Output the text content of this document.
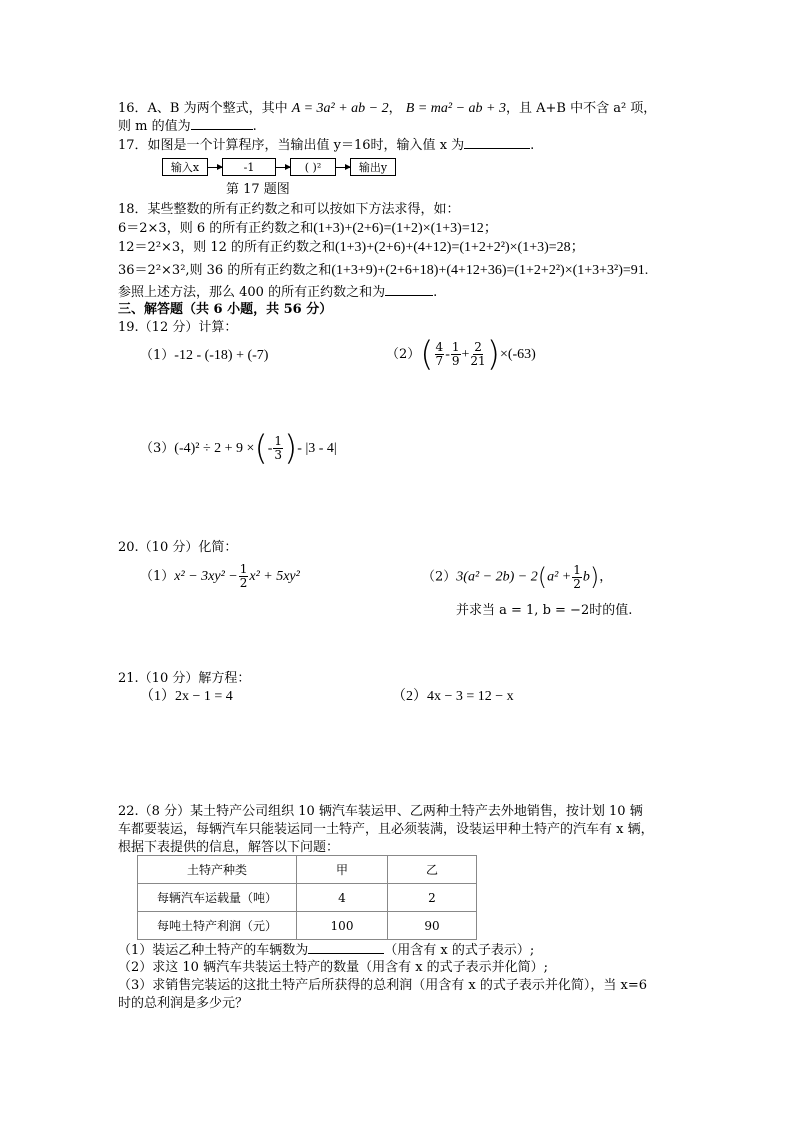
16．A、B 为两个整式，其中 A = 3a² + ab − 2， B = ma² − ab + 3，且 A+B 中不含 a² 项，
则 m 的值为	.
17．如图是一个计算程序，当输出值 y＝16时，输入值 x 为	.
输入x	-1	( )²	输出y
第 17 题图
18．某些整数的所有正约数之和可以按如下方法求得，如：
6＝2×3，则 6 的所有正约数之和(1+3)+(2+6)=(1+2)×(1+3)=12；
12＝2²×3，则 12 的所有正约数之和(1+3)+(2+6)+(4+12)=(1+2+2²)×(1+3)=28；
36＝2²×3²,则 36 的所有正约数之和(1+3+9)+(2+6+18)+(4+12+36)=(1+2+2²)×(1+3+3²)=91.
参照上述方法，那么 400 的所有正约数之和为	.
三、解答题（共 6 小题，共 56 分）
19.（12 分）计算：
（1）-12 - (-18) + (-7)	$(2)( \frac{4}{7} - \frac{1}{9} + \frac{2}{21} )\times(-63)$
（3）(-4)² ÷ 2 + 9 ×(- $\frac{1}{3}$ )- |3 - 4|
20.（10 分）化简：
$(1)x^2 - 3xy^2 - \frac{1}{2} x^2 + 5xy^2$	$(2)3(a^2 - 2b) - 2(a^2 + \frac{1}{2} b)$，
并求当 a = 1, b = −2时的值.
21.（10 分）解方程：
（1）2x − 1 = 4	（2）4x − 3 = 12 − x
22.（8 分）某土特产公司组织 10 辆汽车装运甲、乙两种土特产去外地销售，按计划 10 辆
车都要装运，每辆汽车只能装运同一土特产，且必须装满，设装运甲种土特产的汽车有 x 辆，
根据下表提供的信息，解答以下问题：
土特产种类	甲	乙
每辆汽车运载量（吨）	4	2
每吨土特产利润（元）	100	90
（1）装运乙种土特产的车辆数为	（用含有 x 的式子表示）;
（2）求这 10 辆汽车共装运土特产的数量（用含有 x 的式子表示并化简）;
（3）求销售完装运的这批土特产后所获得的总利润（用含有 x 的式子表示并化简），当 x=6
时的总利润是多少元？
